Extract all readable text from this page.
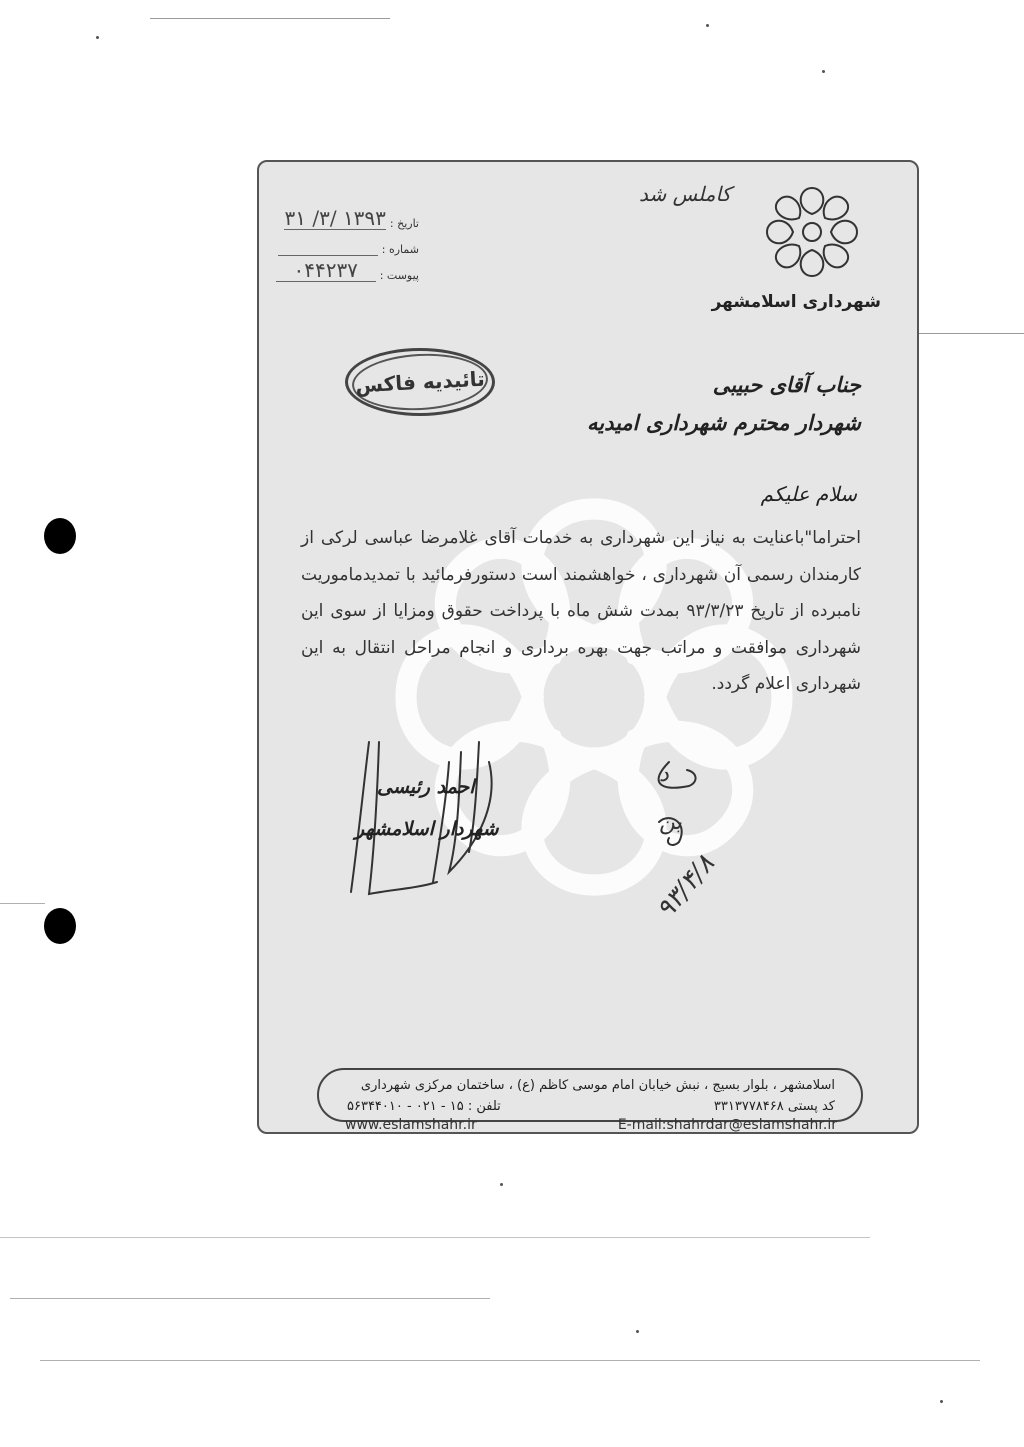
شهرداری اسلامشهر
کاملس شد
تاریخ :
۱۳۹۳ /۳/ ۳۱
شماره :
پیوست :
۰۴۴۲۳۷
تائیدیه فاکس	جناب آقای حبیبی
شهردار محترم شهرداری امیدیه
سلام علیکم
احتراما"باعنایت به نیاز این شهرداری به خدمات آقای غلامرضا عباسی لرکی از کارمندان رسمی آن شهرداری ، خواهشمند است دستورفرمائید با تمدیدماموریت نامبرده از تاریخ ۹۳/۳/۲۳ بمدت شش ماه با پرداخت حقوق ومزایا از سوی این شهرداری موافقت و مراتب جهت بهره برداری و انجام مراحل انتقال به این شهرداری اعلام گردد.
احمد رئیسی
شهردار اسلامشهر
د
بن
۹۳/۴/۸
اسلامشهر ، بلوار بسیج ، نبش خیابان امام موسی کاظم (ع) ، ساختمان مرکزی شهرداری
کد پستی ۳۳۱۳۷۷۸۴۶۸
تلفن : ۱۵ - ۰۲۱ - ۵۶۳۴۴۰۱۰
www.eslamshahr.ir	E-mail:shahrdar@eslamshahr.ir
